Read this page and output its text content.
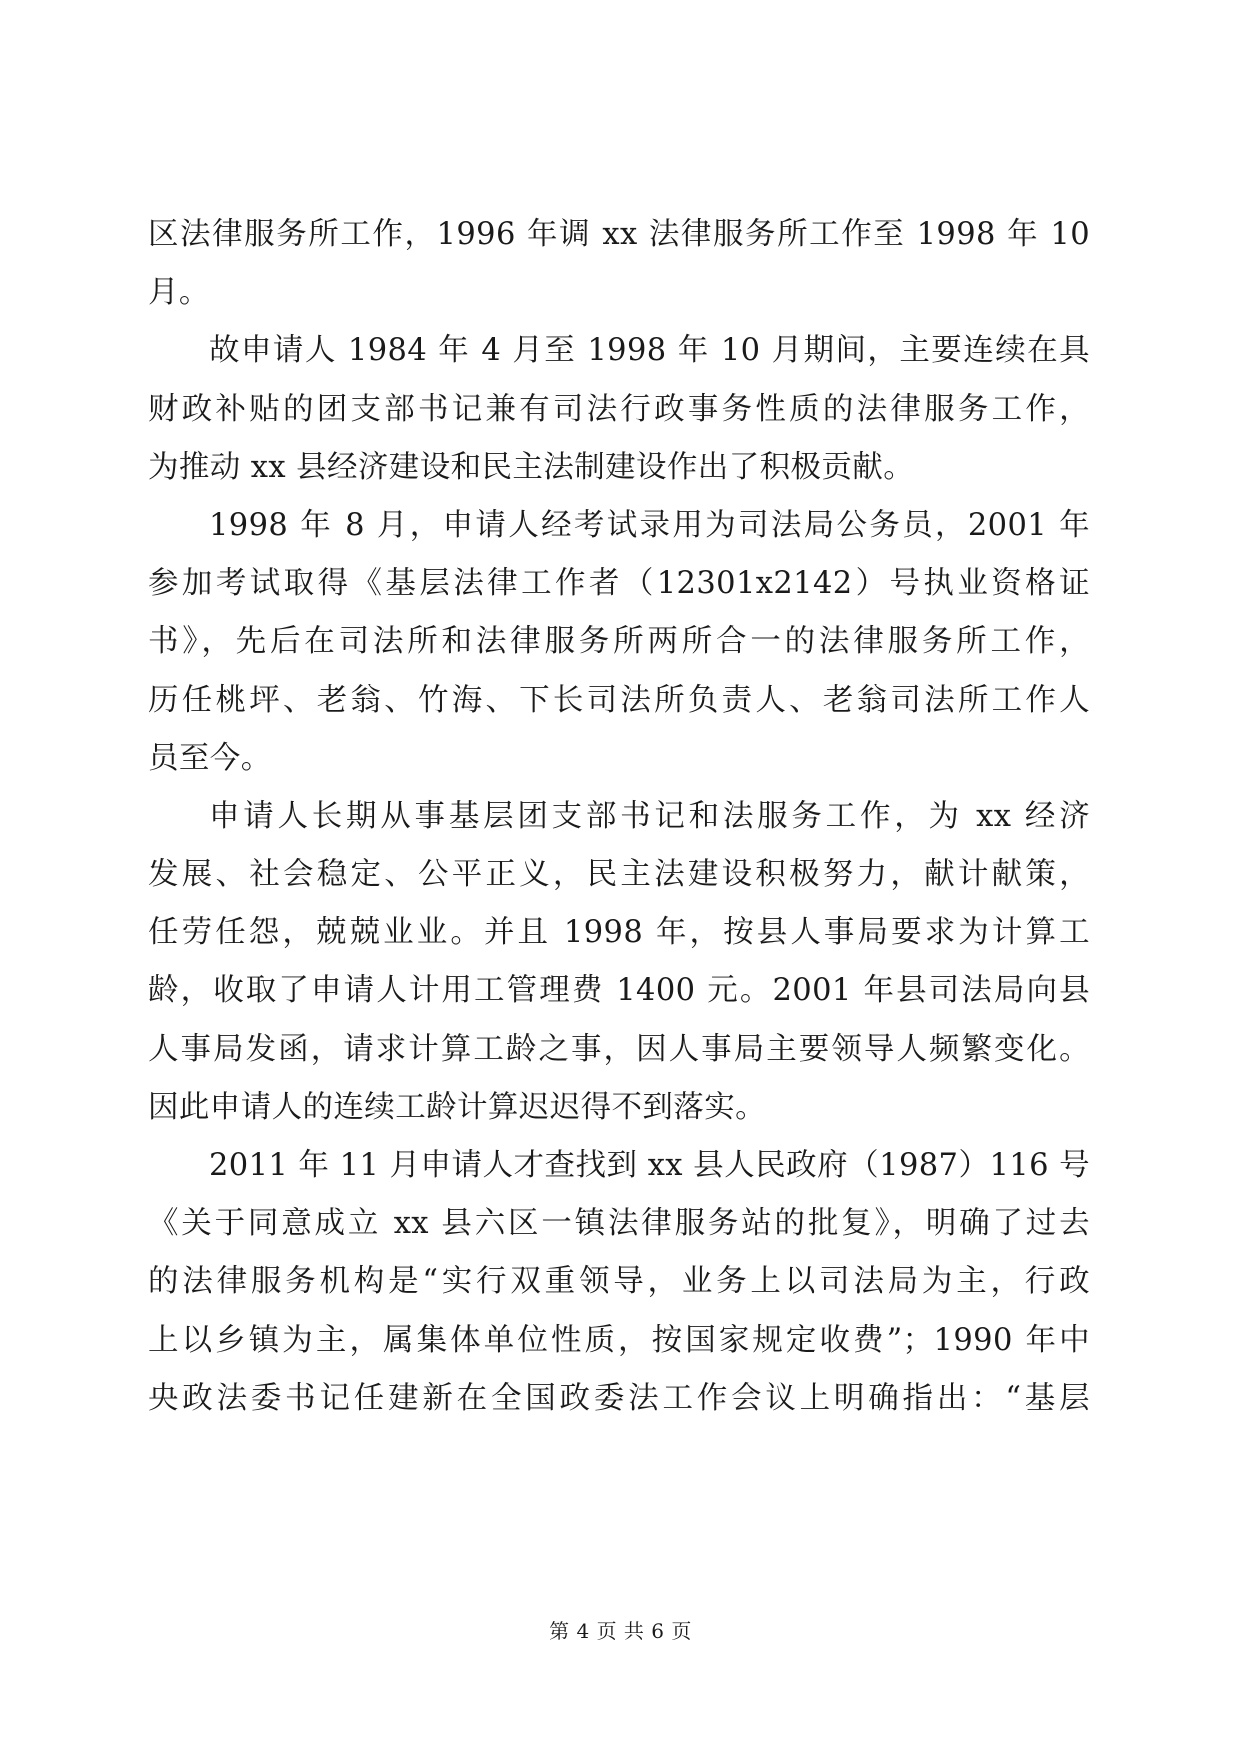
区法律服务所工作，1996 年调 xx 法律服务所工作至 1998 年 10
月。
故申请人 1984 年 4 月至 1998 年 10 月期间，主要连续在具
财政补贴的团支部书记兼有司法行政事务性质的法律服务工作，
为推动 xx 县经济建设和民主法制建设作出了积极贡献。
1998 年 8 月，申请人经考试录用为司法局公务员，2001 年
参加考试取得《基层法律工作者（12301x2142）号执业资格证
书》，先后在司法所和法律服务所两所合一的法律服务所工作，
历任桃坪、老翁、竹海、下长司法所负责人、老翁司法所工作人
员至今。
申请人长期从事基层团支部书记和法服务工作，为 xx 经济
发展、社会稳定、公平正义，民主法建设积极努力，献计献策，
任劳任怨，兢兢业业。并且 1998 年，按县人事局要求为计算工
龄，收取了申请人计用工管理费 1400 元。2001 年县司法局向县
人事局发函，请求计算工龄之事，因人事局主要领导人频繁变化。
因此申请人的连续工龄计算迟迟得不到落实。
2011 年 11 月申请人才查找到 xx 县人民政府（1987）116 号
《关于同意成立 xx 县六区一镇法律服务站的批复》，明确了过去
的法律服务机构是“实行双重领导，业务上以司法局为主，行政
上以乡镇为主，属集体单位性质，按国家规定收费”；1990 年中
央政法委书记任建新在全国政委法工作会议上明确指出：“基层
第 4 页 共 6 页
